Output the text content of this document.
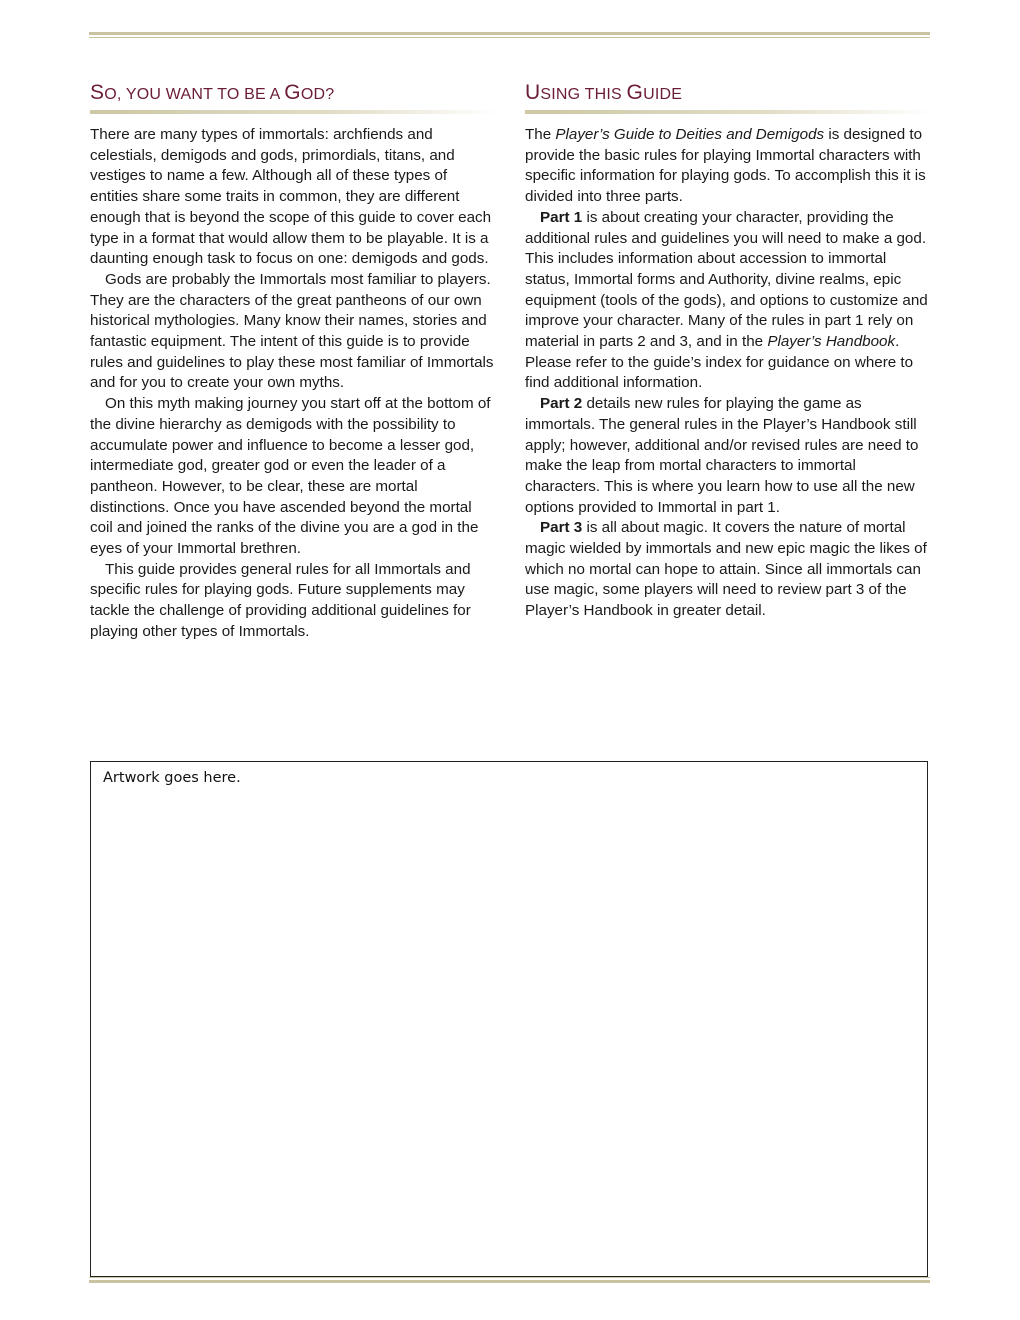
SO, YOU WANT TO BE A GOD?

There are many types of immortals: archfiends and celestials, demigods and gods, primordials, titans, and vestiges to name a few. Although all of these types of entities share some traits in common, they are different enough that is beyond the scope of this guide to cover each type in a format that would allow them to be playable. It is a daunting enough task to focus on one: demigods and gods.

Gods are probably the Immortals most familiar to players. They are the characters of the great pantheons of our own historical mythologies. Many know their names, stories and fantastic equipment. The intent of this guide is to provide rules and guidelines to play these most familiar of Immortals and for you to create your own myths.

On this myth making journey you start off at the bottom of the divine hierarchy as demigods with the possibility to accumulate power and influence to become a lesser god, intermediate god, greater god or even the leader of a pantheon. However, to be clear, these are mortal distinctions. Once you have ascended beyond the mortal coil and joined the ranks of the divine you are a god in the eyes of your Immortal brethren.

This guide provides general rules for all Immortals and specific rules for playing gods. Future supplements may tackle the challenge of providing additional guidelines for playing other types of Immortals.

USING THIS GUIDE

The Player’s Guide to Deities and Demigods is designed to provide the basic rules for playing Immortal characters with specific information for playing gods. To accomplish this it is divided into three parts.

Part 1 is about creating your character, providing the additional rules and guidelines you will need to make a god. This includes information about accession to immortal status, Immortal forms and Authority, divine realms, epic equipment (tools of the gods), and options to customize and improve your character. Many of the rules in part 1 rely on material in parts 2 and 3, and in the Player’s Handbook. Please refer to the guide’s index for guidance on where to find additional information.

Part 2 details new rules for playing the game as immortals. The general rules in the Player’s Handbook still apply; however, additional and/or revised rules are need to make the leap from mortal characters to immortal characters. This is where you learn how to use all the new options provided to Immortal in part 1.

Part 3 is all about magic. It covers the nature of mortal magic wielded by immortals and new epic magic the likes of which no mortal can hope to attain. Since all immortals can use magic, some players will need to review part 3 of the Player’s Handbook in greater detail.

Artwork goes here.
